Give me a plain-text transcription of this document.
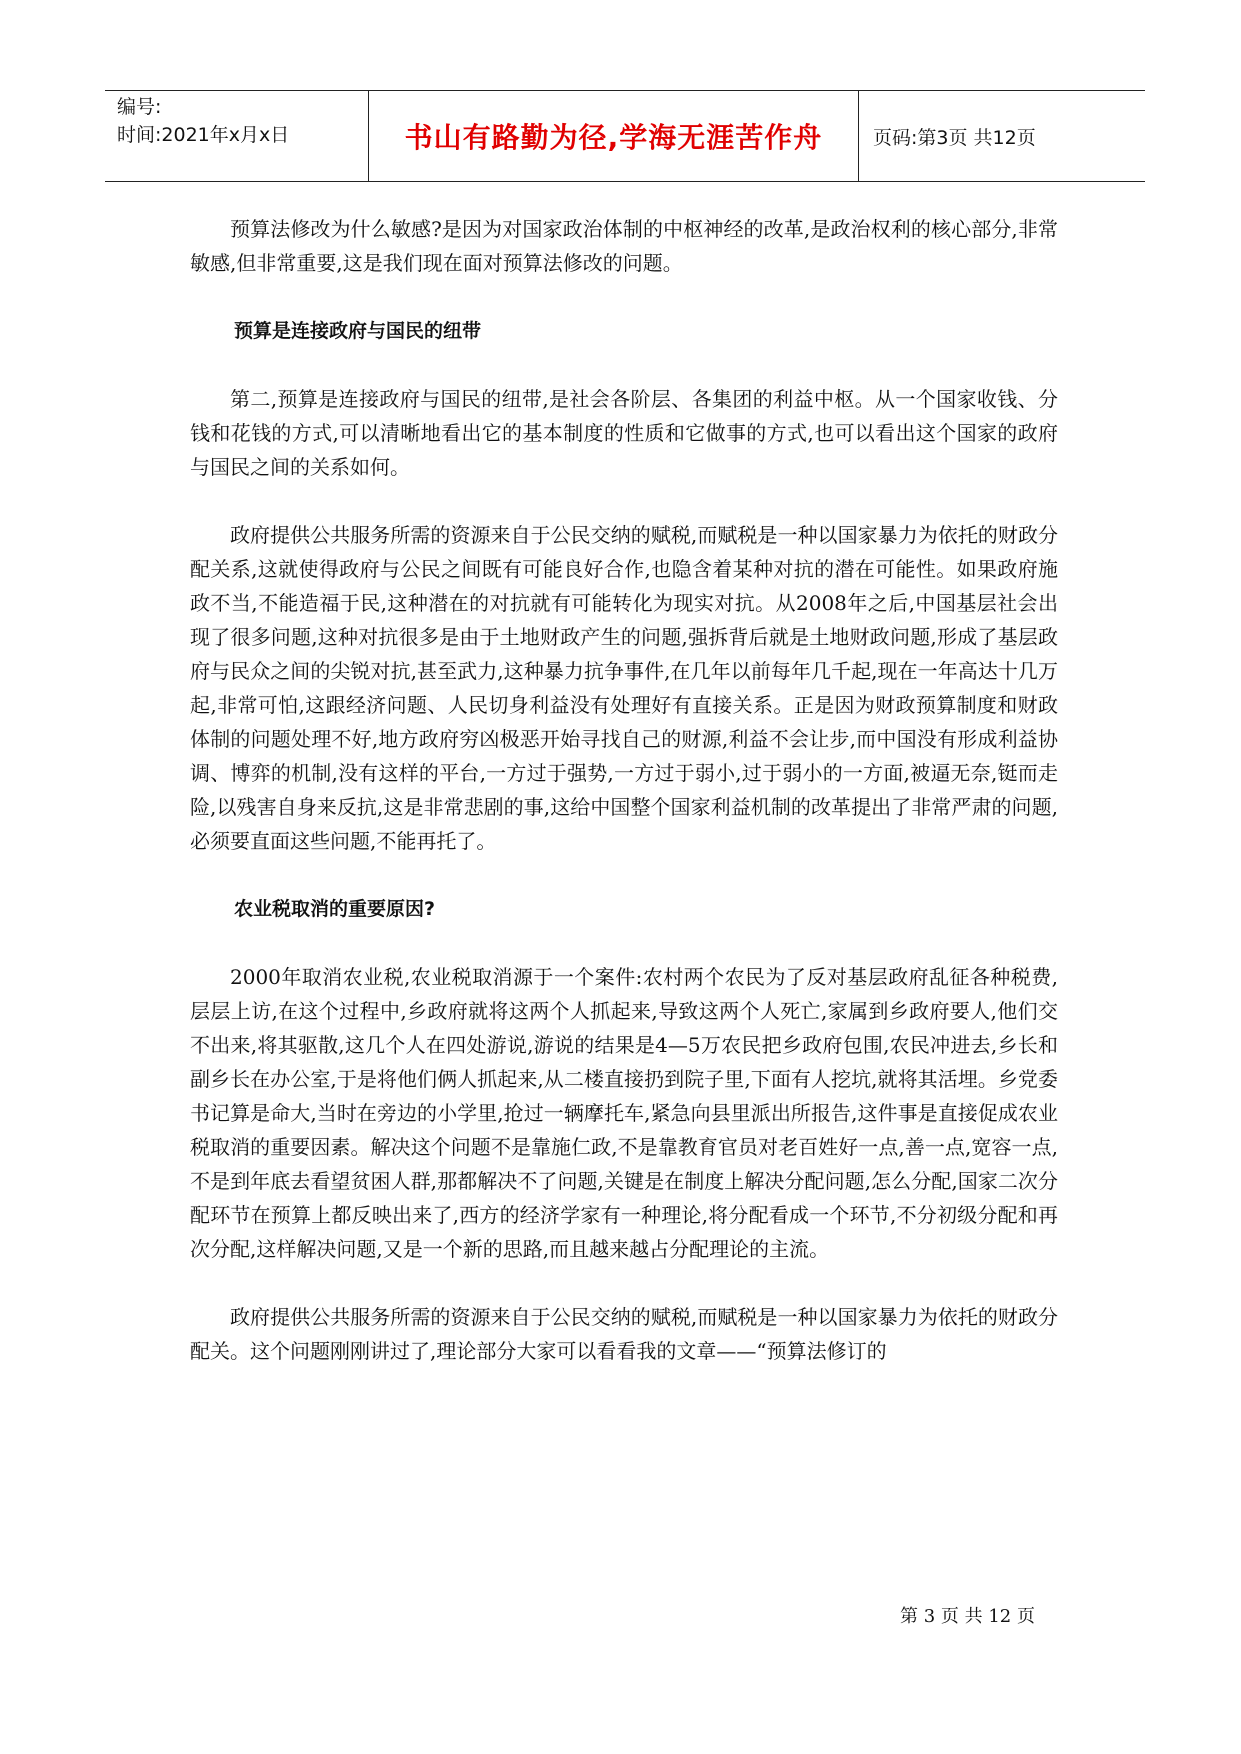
编号:
时间:2021年x月x日	书山有路勤为径,学海无涯苦作舟	页码:第3页 共12页

预算法修改为什么敏感?是因为对国家政治体制的中枢神经的改革,是政治权利的核心部分,非常敏感,但非常重要,这是我们现在面对预算法修改的问题。

预算是连接政府与国民的纽带

第二,预算是连接政府与国民的纽带,是社会各阶层、各集团的利益中枢。从一个国家收钱、分钱和花钱的方式,可以清晰地看出它的基本制度的性质和它做事的方式,也可以看出这个国家的政府与国民之间的关系如何。

政府提供公共服务所需的资源来自于公民交纳的赋税,而赋税是一种以国家暴力为依托的财政分配关系,这就使得政府与公民之间既有可能良好合作,也隐含着某种对抗的潜在可能性。如果政府施政不当,不能造福于民,这种潜在的对抗就有可能转化为现实对抗。从2008年之后,中国基层社会出现了很多问题,这种对抗很多是由于土地财政产生的问题,强拆背后就是土地财政问题,形成了基层政府与民众之间的尖锐对抗,甚至武力,这种暴力抗争事件,在几年以前每年几千起,现在一年高达十几万起,非常可怕,这跟经济问题、人民切身利益没有处理好有直接关系。正是因为财政预算制度和财政体制的问题处理不好,地方政府穷凶极恶开始寻找自己的财源,利益不会让步,而中国没有形成利益协调、博弈的机制,没有这样的平台,一方过于强势,一方过于弱小,过于弱小的一方面,被逼无奈,铤而走险,以残害自身来反抗,这是非常悲剧的事,这给中国整个国家利益机制的改革提出了非常严肃的问题,必须要直面这些问题,不能再托了。

农业税取消的重要原因?

2000年取消农业税,农业税取消源于一个案件:农村两个农民为了反对基层政府乱征各种税费,层层上访,在这个过程中,乡政府就将这两个人抓起来,导致这两个人死亡,家属到乡政府要人,他们交不出来,将其驱散,这几个人在四处游说,游说的结果是4—5万农民把乡政府包围,农民冲进去,乡长和副乡长在办公室,于是将他们俩人抓起来,从二楼直接扔到院子里,下面有人挖坑,就将其活埋。乡党委书记算是命大,当时在旁边的小学里,抢过一辆摩托车,紧急向县里派出所报告,这件事是直接促成农业税取消的重要因素。解决这个问题不是靠施仁政,不是靠教育官员对老百姓好一点,善一点,宽容一点,不是到年底去看望贫困人群,那都解决不了问题,关键是在制度上解决分配问题,怎么分配,国家二次分配环节在预算上都反映出来了,西方的经济学家有一种理论,将分配看成一个环节,不分初级分配和再次分配,这样解决问题,又是一个新的思路,而且越来越占分配理论的主流。

政府提供公共服务所需的资源来自于公民交纳的赋税,而赋税是一种以国家暴力为依托的财政分配关。这个问题刚刚讲过了,理论部分大家可以看看我的文章——“预算法修订的

第 3 页 共 12 页
